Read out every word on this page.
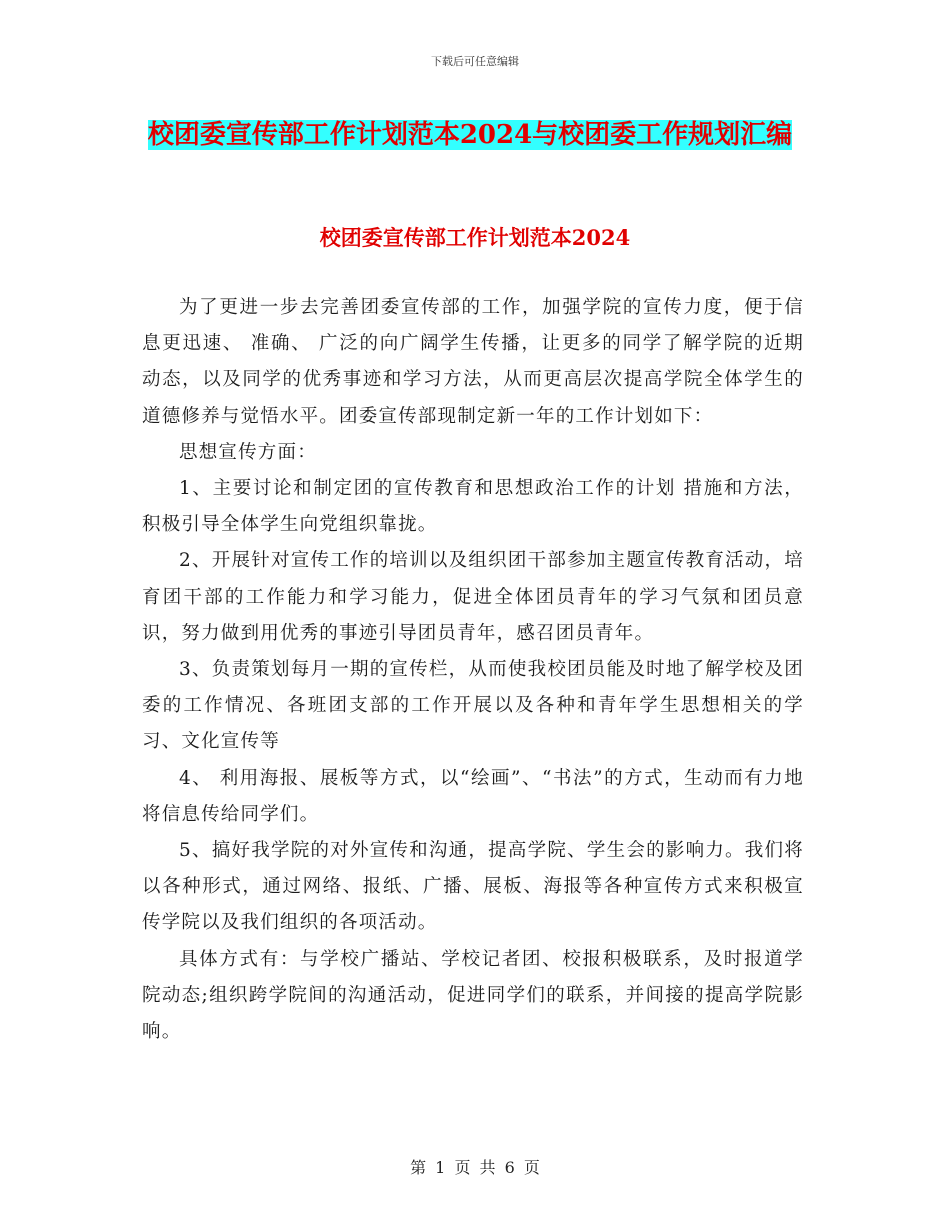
下载后可任意编辑
校团委宣传部工作计划范本2024与校团委工作规划汇编
校团委宣传部工作计划范本2024

为了更进一步去完善团委宣传部的工作，加强学院的宣传力度，便于信息更迅速、 准确、 广泛的向广阔学生传播，让更多的同学了解学院的近期动态，以及同学的优秀事迹和学习方法，从而更高层次提高学院全体学生的道德修养与觉悟水平。团委宣传部现制定新一年的工作计划如下：

思想宣传方面：

1、主要讨论和制定团的宣传教育和思想政治工作的计划 措施和方法，积极引导全体学生向党组织靠拢。

2、开展针对宣传工作的培训以及组织团干部参加主题宣传教育活动，培育团干部的工作能力和学习能力，促进全体团员青年的学习气氛和团员意识，努力做到用优秀的事迹引导团员青年，感召团员青年。

3、负责策划每月一期的宣传栏，从而使我校团员能及时地了解学校及团委的工作情况、各班团支部的工作开展以及各种和青年学生思想相关的学习、文化宣传等

4、 利用海报、展板等方式，以“绘画”、“书法”的方式，生动而有力地将信息传给同学们。

5、搞好我学院的对外宣传和沟通，提高学院、学生会的影响力。我们将以各种形式，通过网络、报纸、广播、展板、海报等各种宣传方式来积极宣传学院以及我们组织的各项活动。

具体方式有：与学校广播站、学校记者团、校报积极联系，及时报道学院动态;组织跨学院间的沟通活动，促进同学们的联系，并间接的提高学院影响。

第 1 页 共 6 页
